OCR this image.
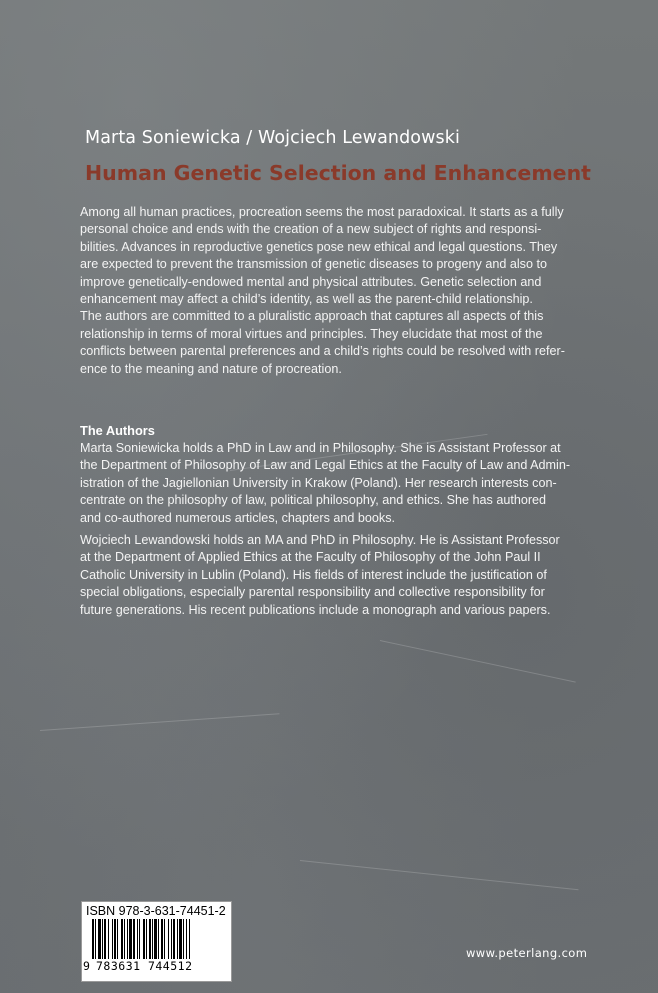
Marta Soniewicka / Wojciech Lewandowski
Human Genetic Selection and Enhancement
Among all human practices, procreation seems the most paradoxical. It starts as a fully
personal choice and ends with the creation of a new subject of rights and responsi-
bilities. Advances in reproductive genetics pose new ethical and legal questions. They
are expected to prevent the transmission of genetic diseases to progeny and also to
improve genetically-endowed mental and physical attributes. Genetic selection and
enhancement may affect a child’s identity, as well as the parent-child relationship.
The authors are committed to a pluralistic approach that captures all aspects of this
relationship in terms of moral virtues and principles. They elucidate that most of the
conflicts between parental preferences and a child’s rights could be resolved with refer-
ence to the meaning and nature of procreation.
The Authors
Marta Soniewicka holds a PhD in Law and in Philosophy. She is Assistant Professor at
the Department of Philosophy of Law and Legal Ethics at the Faculty of Law and Admin-
istration of the Jagiellonian University in Krakow (Poland). Her research interests con-
centrate on the philosophy of law, political philosophy, and ethics. She has authored
and co-authored numerous articles, chapters and books.
Wojciech Lewandowski holds an MA and PhD in Philosophy. He is Assistant Professor
at the Department of Applied Ethics at the Faculty of Philosophy of the John Paul II
Catholic University in Lublin (Poland). His fields of interest include the justification of
special obligations, especially parental responsibility and collective responsibility for
future generations. His recent publications include a monograph and various papers.
ISBN 978-3-631-74451-2
9 783631 744512
www.peterlang.com
